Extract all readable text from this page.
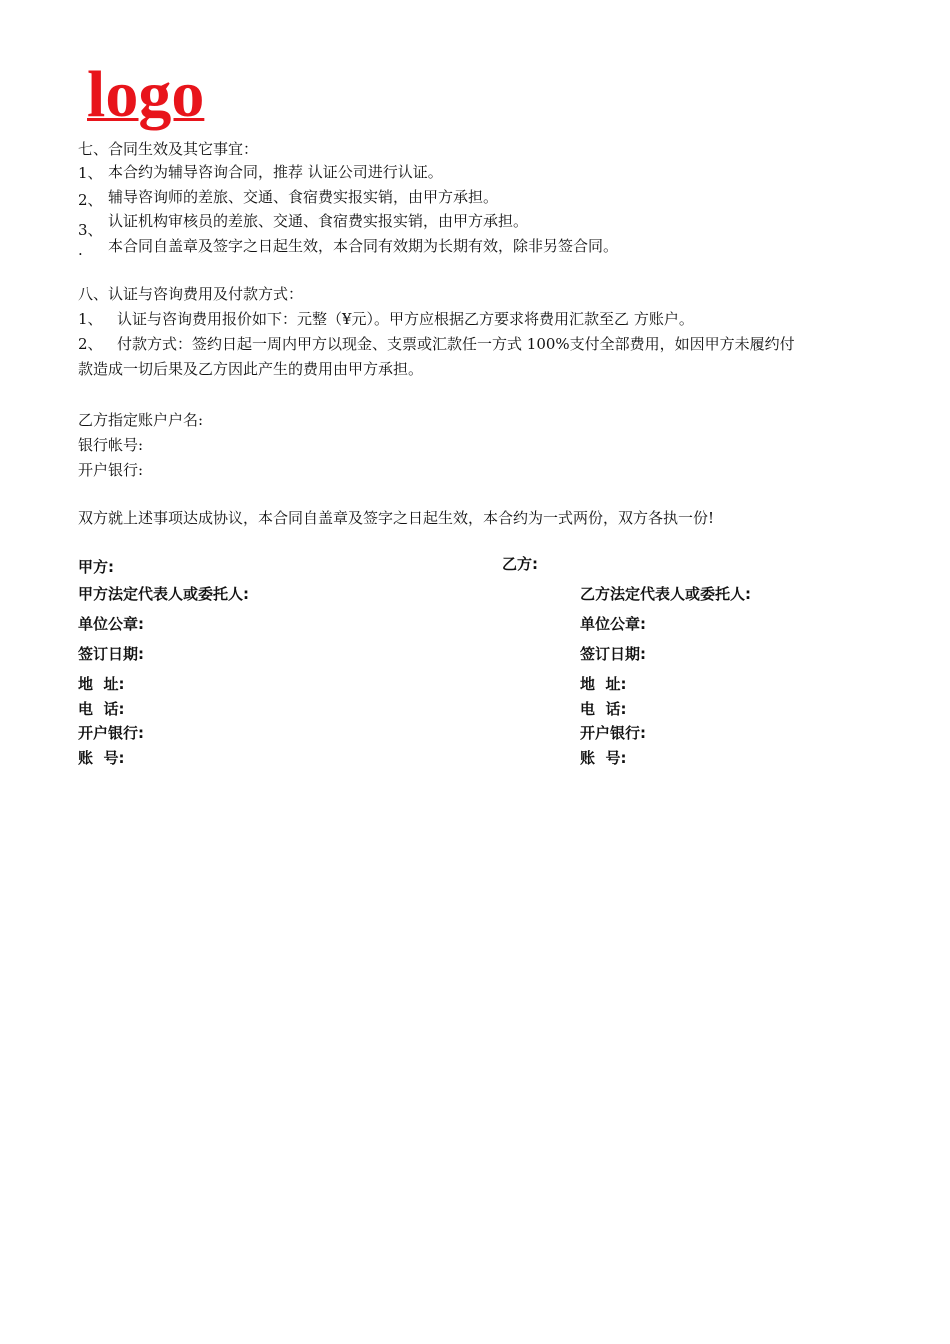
logo
七、合同生效及其它事宜：
1、 本合约为辅导咨询合同，推荐 认证公司进行认证。
2、 辅导咨询师的差旅、交通、食宿费实报实销，由甲方承担。
3、 认证机构审核员的差旅、交通、食宿费实报实销，由甲方承担。
. 本合同自盖章及签字之日起生效，本合同有效期为长期有效，除非另签合同。
八、认证与咨询费用及付款方式：
1、 认证与咨询费用报价如下：元整（¥元）。甲方应根据乙方要求将费用汇款至乙 方账户。
2、 付款方式：签约日起一周内甲方以现金、支票或汇款任一方式 100%支付全部费用，如因甲方未履约付
款造成一切后果及乙方因此产生的费用由甲方承担。
乙方指定账户户名:
银行帐号:
开户银行:
双方就上述事项达成协议，本合同自盖章及签字之日起生效，本合约为一式两份，双方各执一份!
甲方:
甲方法定代表人或委托人:
单位公章:
签订日期:
地  址:
电  话:
开户银行:
账  号:
乙方:
乙方法定代表人或委托人:
单位公章:
签订日期:
地  址:
电  话:
开户银行:
账  号:
